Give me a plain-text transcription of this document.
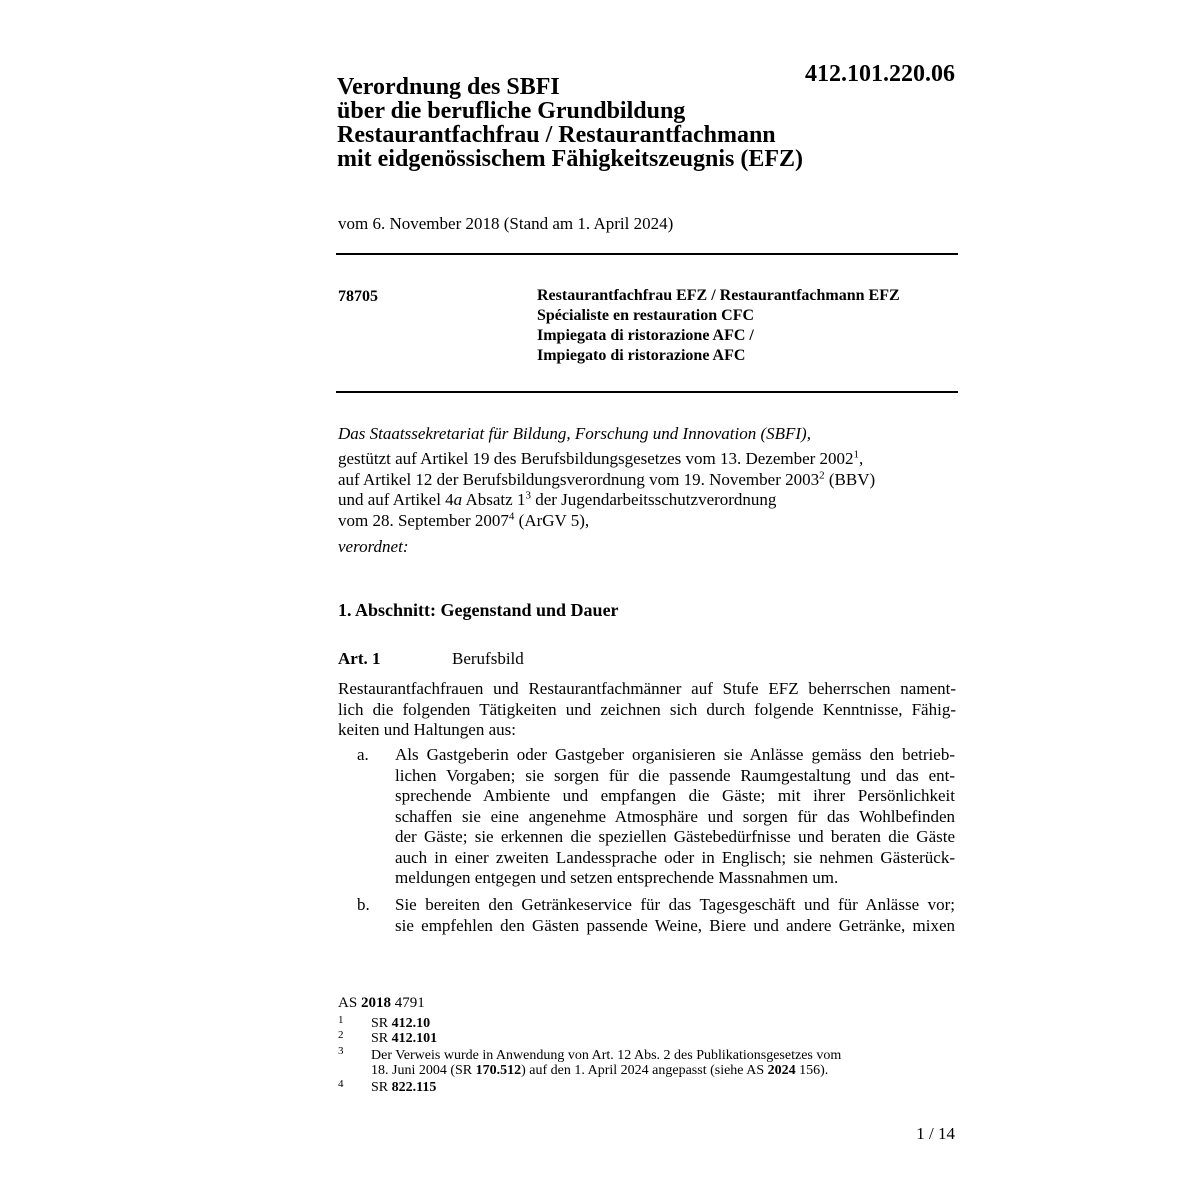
412.101.220.06
Verordnung des SBFI
über die berufliche Grundbildung
Restaurantfachfrau / Restaurantfachmann
mit eidgenössischem Fähigkeitszeugnis (EFZ)
vom 6. November 2018 (Stand am 1. April 2024)
78705	Restaurantfachfrau EFZ / Restaurantfachmann EFZ
Spécialiste en restauration CFC
Impiegata di ristorazione AFC /
Impiegato di ristorazione AFC
Das Staatssekretariat für Bildung, Forschung und Innovation (SBFI),
gestützt auf Artikel 19 des Berufsbildungsgesetzes vom 13. Dezember 2002$^1$,
auf Artikel 12 der Berufsbildungsverordnung vom 19. November 2003$^2$ (BBV)
und auf Artikel 4a Absatz $1^3$ der Jugendarbeitsschutzverordnung
vom 28. September 2007$^4$ (ArGV 5),
verordnet:
1. Abschnitt: Gegenstand und Dauer
Art. 1	Berufsbild
Restaurantfachfrauen und Restaurantfachmänner auf Stufe EFZ beherrschen nament-
lich die folgenden Tätigkeiten und zeichnen sich durch folgende Kenntnisse, Fähig-
keiten und Haltungen aus:
a. Als Gastgeberin oder Gastgeber organisieren sie Anlässe gemäss den betrieb-
lichen Vorgaben; sie sorgen für die passende Raumgestaltung und das ent-
sprechende Ambiente und empfangen die Gäste; mit ihrer Persönlichkeit
schaffen sie eine angenehme Atmosphäre und sorgen für das Wohlbefinden
der Gäste; sie erkennen die speziellen Gästebedürfnisse und beraten die Gäste
auch in einer zweiten Landessprache oder in Englisch; sie nehmen Gästerück-
meldungen entgegen und setzen entsprechende Massnahmen um.
b. Sie bereiten den Getränkeservice für das Tagesgeschäft und für Anlässe vor;
sie empfehlen den Gästen passende Weine, Biere und andere Getränke, mixen
AS 2018 4791
1 SR 412.10
2 SR 412.101
3 Der Verweis wurde in Anwendung von Art. 12 Abs. 2 des Publikationsgesetzes vom
18. Juni 2004 (SR 170.512) auf den 1. April 2024 angepasst (siehe AS 2024 156).
4 SR 822.115
1 / 14
